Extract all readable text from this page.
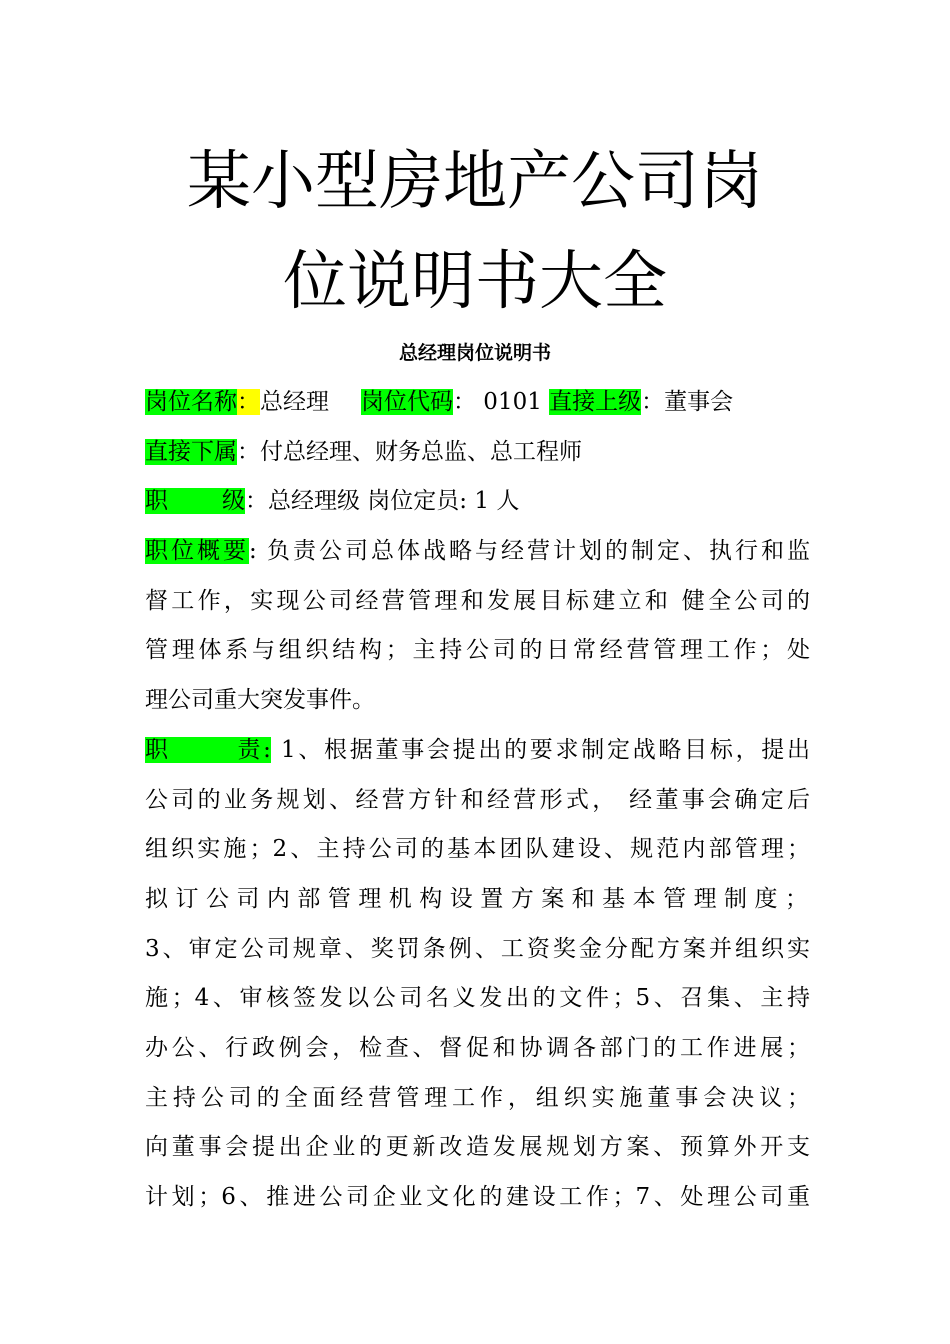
某小型房地产公司岗
位说明书大全
总经理岗位说明书
岗位名称：总经理 岗位代码： 0101 直接上级：董事会
直接下属：付总经理、财务总监、总工程师
职 级：总经理级 岗位定员: 1 人
职位概要: 负责公司总体战略与经营计划的制定、执行和监
督工作，实现公司经营管理和发展目标建立和 健全公司的
管理体系与组织结构；主持公司的日常经营管理工作；处
理公司重大突发事件。
职	责: 1、根据董事会提出的要求制定战略目标，提出
公司的业务规划、经营方针和经营形式， 经董事会确定后
组织实施；2、主持公司的基本团队建设、规范内部管理；
拟订公司内部管理机构设置方案和基本管理制度；
3、审定公司规章、奖罚条例、工资奖金分配方案并组织实
施；4、审核签发以公司名义发出的文件；5、召集、主持
办公、行政例会，检查、督促和协调各部门的工作进展；
主持公司的全面经营管理工作，组织实施董事会决议；
向董事会提出企业的更新改造发展规划方案、预算外开支
计划；6、推进公司企业文化的建设工作；7、处理公司重
